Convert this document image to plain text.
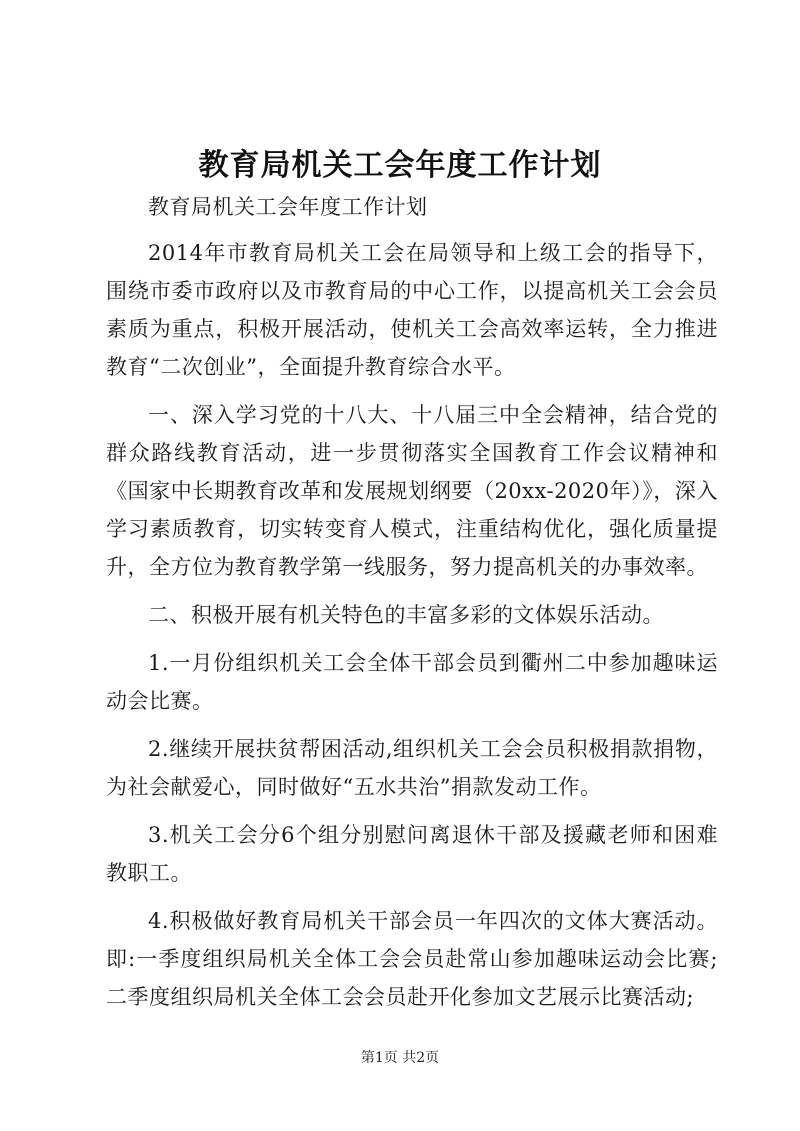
教育局机关工会年度工作计划

教育局机关工会年度工作计划

2014年市教育局机关工会在局领导和上级工会的指导下，围绕市委市政府以及市教育局的中心工作，以提高机关工会会员素质为重点，积极开展活动，使机关工会高效率运转，全力推进教育“二次创业”，全面提升教育综合水平。

一、深入学习党的十八大、十八届三中全会精神，结合党的群众路线教育活动，进一步贯彻落实全国教育工作会议精神和《国家中长期教育改革和发展规划纲要（20xx-2020年）》，深入学习素质教育，切实转变育人模式，注重结构优化，强化质量提升，全方位为教育教学第一线服务，努力提高机关的办事效率。

二、积极开展有机关特色的丰富多彩的文体娱乐活动。

1.一月份组织机关工会全体干部会员到衢州二中参加趣味运动会比赛。

2.继续开展扶贫帮困活动,组织机关工会会员积极捐款捐物，为社会献爱心，同时做好“五水共治”捐款发动工作。

3.机关工会分6个组分别慰问离退休干部及援藏老师和困难教职工。

4.积极做好教育局机关干部会员一年四次的文体大赛活动。即:一季度组织局机关全体工会会员赴常山参加趣味运动会比赛;二季度组织局机关全体工会会员赴开化参加文艺展示比赛活动;

第1页 共2页
